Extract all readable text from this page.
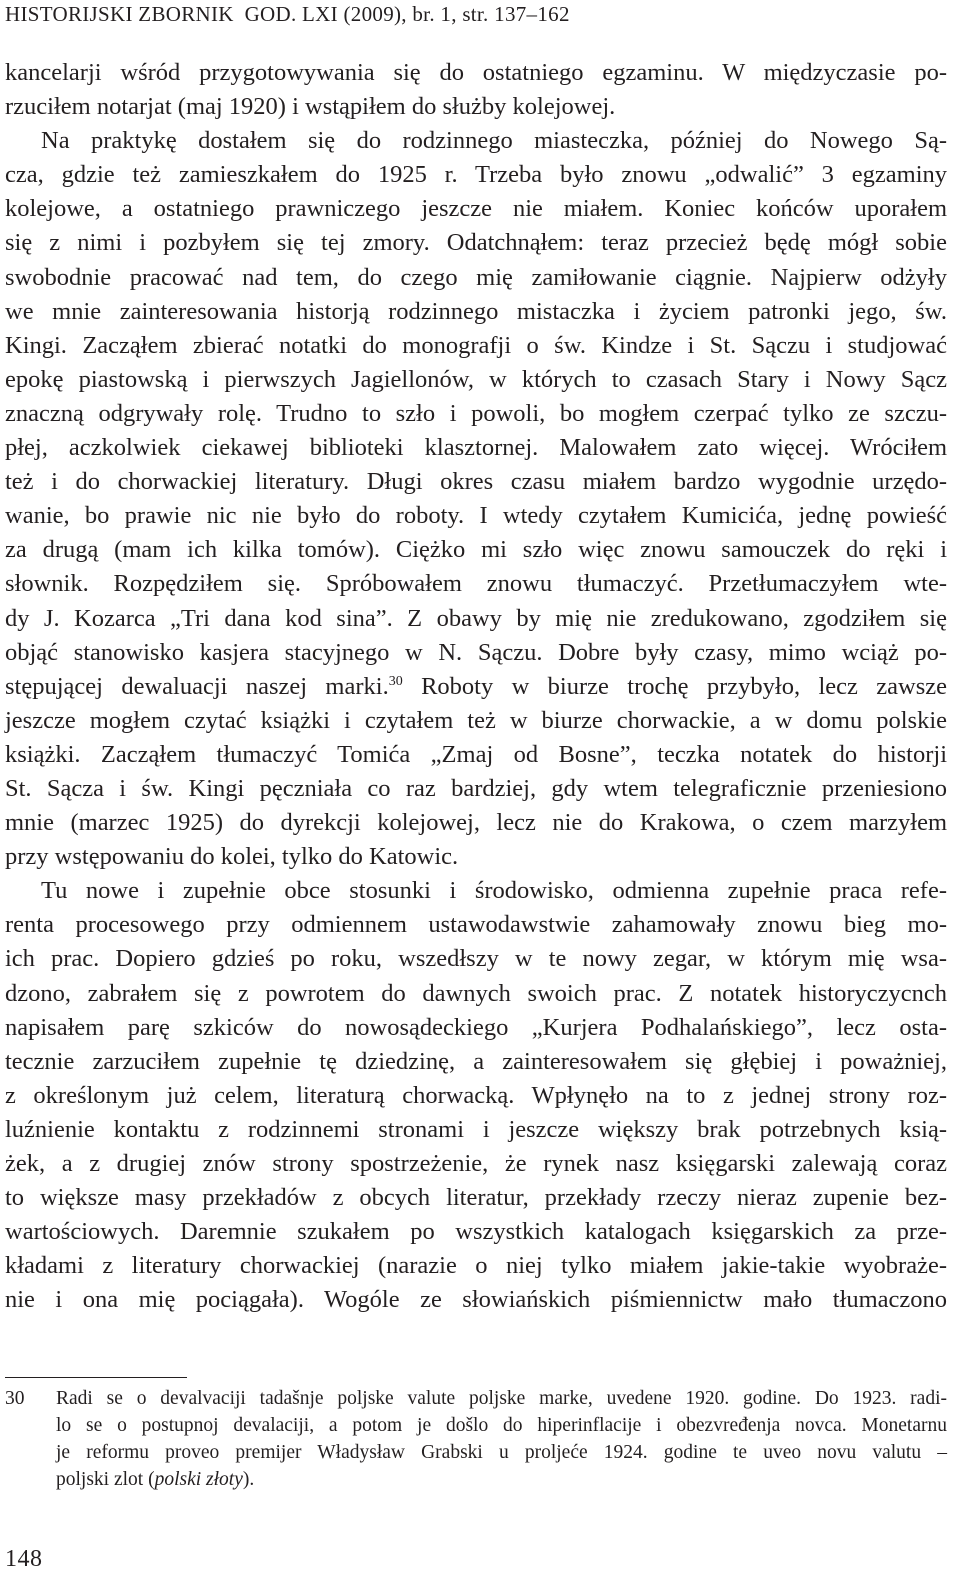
HISTORIJSKI ZBORNIK GOD. LXI (2009), br. 1, str. 137–162

kancelarji wśród przygotowywania się do ostatniego egzaminu. W międzyczasie po-

rzuciłem notarjat (maj 1920) i wstąpiłem do służby kolejowej.

Na praktykę dostałem się do rodzinnego miasteczka, później do Nowego Są-

cza, gdzie też zamieszkałem do 1925 r. Trzeba było znowu „odwalić” 3 egzaminy

kolejowe, a ostatniego prawniczego jeszcze nie miałem. Koniec końców uporałem

się z nimi i pozbyłem się tej zmory. Odatchnąłem: teraz przecież będę mógł sobie

swobodnie pracować nad tem, do czego mię zamiłowanie ciągnie. Najpierw odżyły

we mnie zainteresowania historją rodzinnego mistaczka i życiem patronki jego, św.

Kingi. Zacząłem zbierać notatki do monografji o św. Kindze i St. Sączu i studjować

epokę piastowską i pierwszych Jagiellonów, w których to czasach Stary i Nowy Sącz

znaczną odgrywały rolę. Trudno to szło i powoli, bo mogłem czerpać tylko ze szczu-

płej, aczkolwiek ciekawej biblioteki klasztornej. Malowałem zato więcej. Wróciłem

też i do chorwackiej literatury. Długi okres czasu miałem bardzo wygodnie urzędo-

wanie, bo prawie nic nie było do roboty. I wtedy czytałem Kumicića, jednę powieść

za drugą (mam ich kilka tomów). Ciężko mi szło więc znowu samouczek do ręki i

słownik. Rozpędziłem się. Spróbowałem znowu tłumaczyć. Przetłumaczyłem wte-

dy J. Kozarca „Tri dana kod sina”. Z obawy by mię nie zredukowano, zgodziłem się

objąć stanowisko kasjera stacyjnego w N. Sączu. Dobre były czasy, mimo wciąż po-

stępującej dewaluacji naszej marki.$^{30}$ Roboty w biurze trochę przybyło, lecz zawsze

jeszcze mogłem czytać książki i czytałem też w biurze chorwackie, a w domu polskie

książki. Zacząłem tłumaczyć Tomića „Zmaj od Bosne”, teczka notatek do historji

St. Sącza i św. Kingi pęczniała co raz bardziej, gdy wtem telegraficznie przeniesiono

mnie (marzec 1925) do dyrekcji kolejowej, lecz nie do Krakowa, o czem marzyłem

przy wstępowaniu do kolei, tylko do Katowic.

Tu nowe i zupełnie obce stosunki i środowisko, odmienna zupełnie praca refe-

renta procesowego przy odmiennem ustawodawstwie zahamowały znowu bieg mo-

ich prac. Dopiero gdzieś po roku, wszedłszy w te nowy zegar, w którym mię wsa-

dzono, zabrałem się z powrotem do dawnych swoich prac. Z notatek historyczycnch

napisałem parę szkiców do nowosądeckiego „Kurjera Podhalańskiego”, lecz osta-

tecznie zarzuciłem zupełnie tę dziedzinę, a zainteresowałem się głębiej i poważniej,

z określonym już celem, literaturą chorwacką. Wpłynęło na to z jednej strony roz-

luźnienie kontaktu z rodzinnemi stronami i jeszcze większy brak potrzebnych ksią-

żek, a z drugiej znów strony spostrzeżenie, że rynek nasz księgarski zalewają coraz

to większe masy przekładów z obcych literatur, przekłady rzeczy nieraz zupenie bez-

wartościowych. Daremnie szukałem po wszystkich katalogach księgarskich za prze-

kładami z literatury chorwackiej (narazie o niej tylko miałem jakie-takie wyobraże-

nie i ona mię pociągała). Wogóle ze słowiańskich piśmiennictw mało tłumaczono

30 Radi se o devalvaciji tadašnje poljske valute poljske marke, uvedene 1920. godine. Do 1923. radi-
lo se o postupnoj devalaciji, a potom je došlo do hiperinflacije i obezvređenja novca. Monetarnu
je reformu proveo premijer Władysław Grabski u proljeće 1924. godine te uveo novu valutu –
poljski zlot (polski złoty).
148
